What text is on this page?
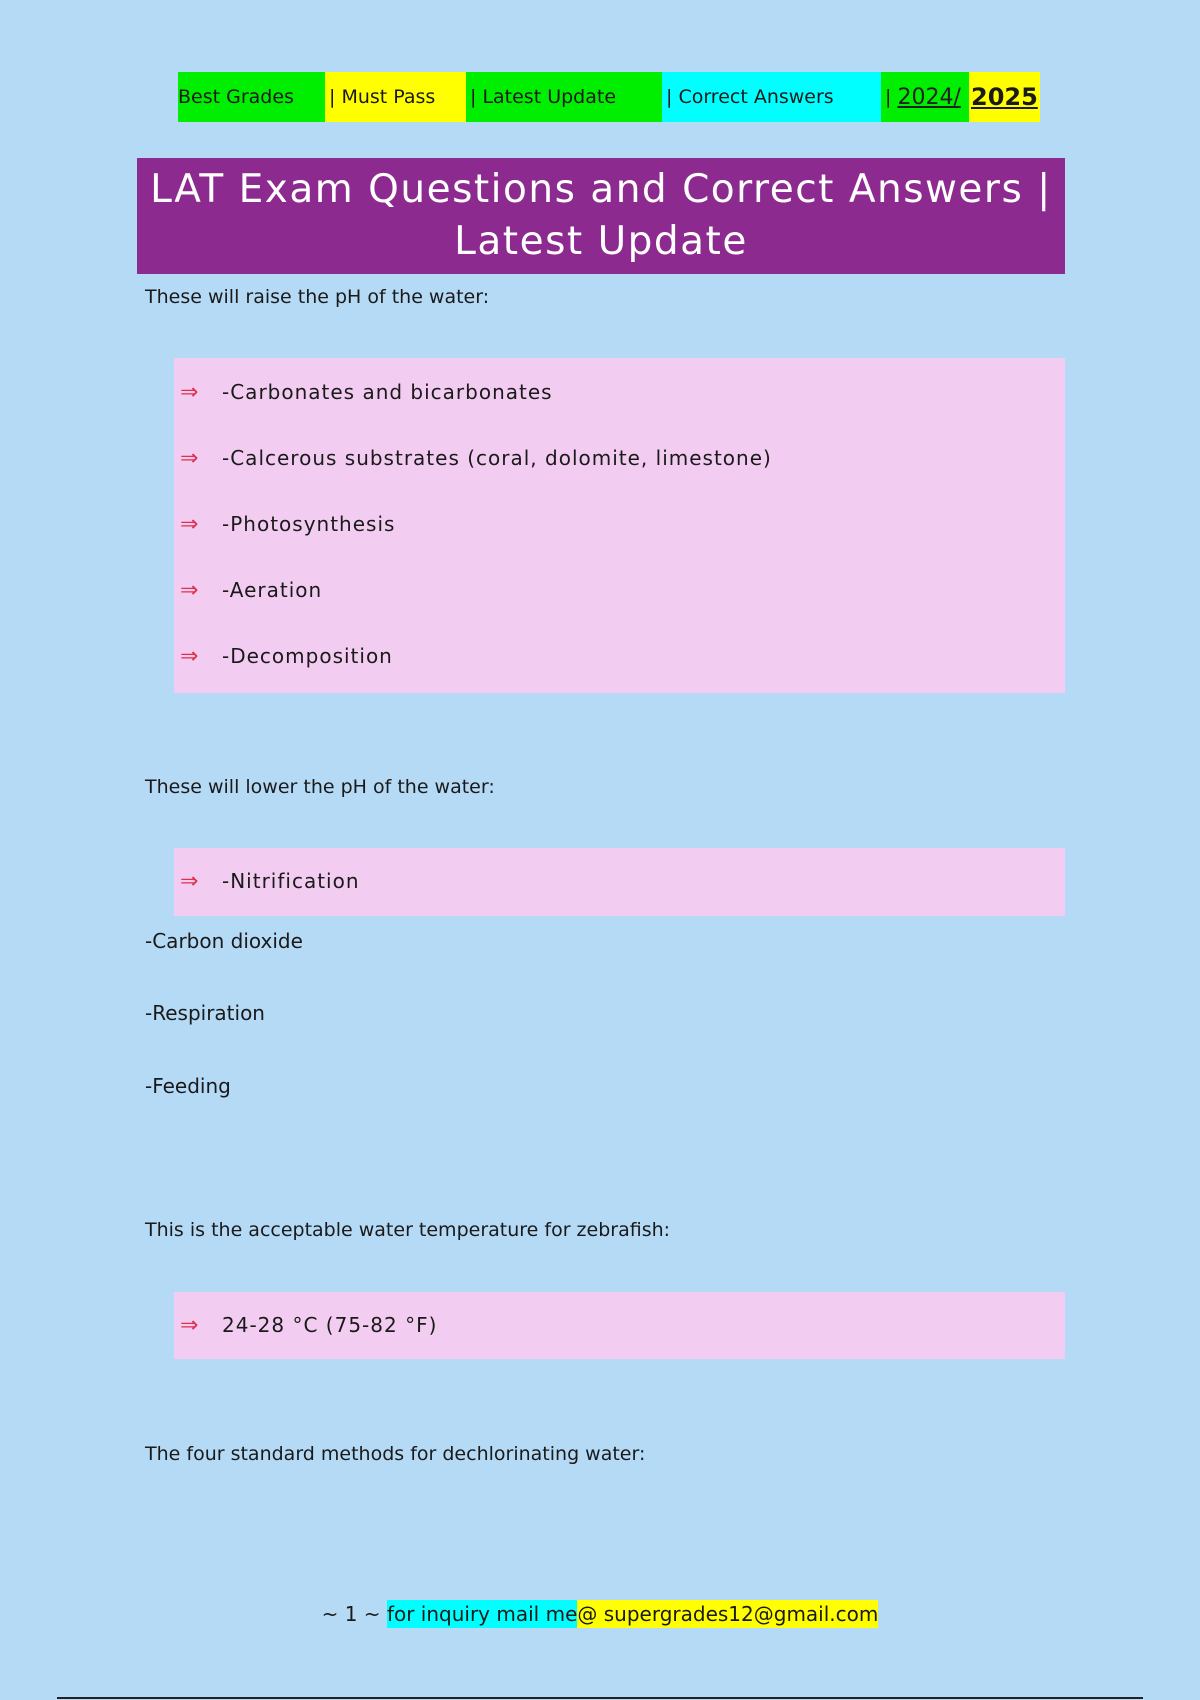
Best Grades | Must Pass | Latest Update	| Correct Answers	|
2024/ 2025
LAT Exam Questions and Correct Answers |
Latest Update
These will raise the pH of the water:
⇒	-Carbonates and bicarbonates
⇒	-Calcerous substrates (coral, dolomite, limestone)
⇒	-Photosynthesis
⇒	-Aeration
⇒	-Decomposition
These will lower the pH of the water:
⇒	-Nitrification
-Carbon dioxide
-Respiration
-Feeding
This is the acceptable water temperature for zebrafish:
⇒	24-28 °C (75-82 °F)
The four standard methods for dechlorinating water:
~ 1 ~
for inquiry mail me @ supergrades12@gmail.com
